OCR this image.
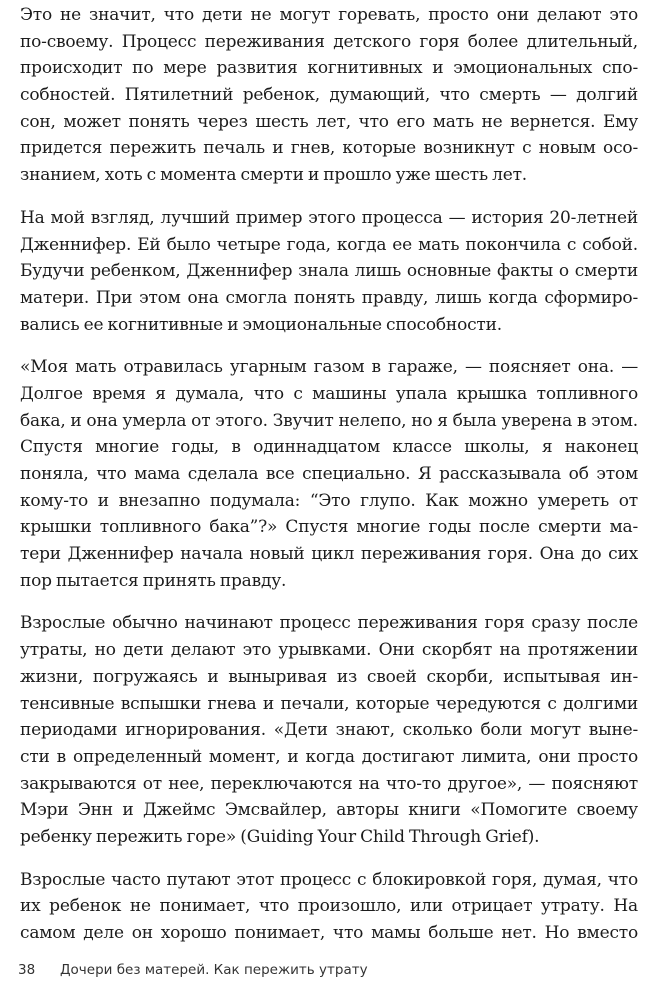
Это не значит, что дети не могут горевать, просто они делают это
по-своему. Процесс переживания детского горя более длительный,
происходит по мере развития когнитивных и эмоциональных спо-
собностей. Пятилетний ребенок, думающий, что смерть — долгий
сон, может понять через шесть лет, что его мать не вернется. Ему
придется пережить печаль и гнев, которые возникнут с новым осо-
знанием, хоть с момента смерти и прошло уже шесть лет.
На мой взгляд, лучший пример этого процесса — история 20-летней
Дженнифер. Ей было четыре года, когда ее мать покончила с собой.
Будучи ребенком, Дженнифер знала лишь основные факты о смерти
матери. При этом она смогла понять правду, лишь когда сформиро-
вались ее когнитивные и эмоциональные способности.
«Моя мать отравилась угарным газом в гараже, — поясняет она. —
Долгое время я думала, что с машины упала крышка топливного
бака, и она умерла от этого. Звучит нелепо, но я была уверена в этом.
Спустя многие годы, в одиннадцатом классе школы, я наконец
поняла, что мама сделала все специально. Я рассказывала об этом
кому-то и внезапно подумала: “Это глупо. Как можно умереть от
крышки топливного бака”?» Спустя многие годы после смерти ма-
тери Дженнифер начала новый цикл переживания горя. Она до сих
пор пытается принять правду.
Взрослые обычно начинают процесс переживания горя сразу после
утраты, но дети делают это урывками. Они скорбят на протяжении
жизни, погружаясь и выныривая из своей скорби, испытывая ин-
тенсивные вспышки гнева и печали, которые чередуются с долгими
периодами игнорирования. «Дети знают, сколько боли могут выне-
сти в определенный момент, и когда достигают лимита, они просто
закрываются от нее, переключаются на что-то другое», — поясняют
Мэри Энн и Джеймс Эмсвайлер, авторы книги «Помогите своему
ребенку пережить горе» (Guiding Your Child Through Grief).
Взрослые часто путают этот процесс с блокировкой горя, думая, что
их ребенок не понимает, что произошло, или отрицает утрату. На
самом деле он хорошо понимает, что мамы больше нет. Но вместо
38 Дочери без матерей. Как пережить утрату
